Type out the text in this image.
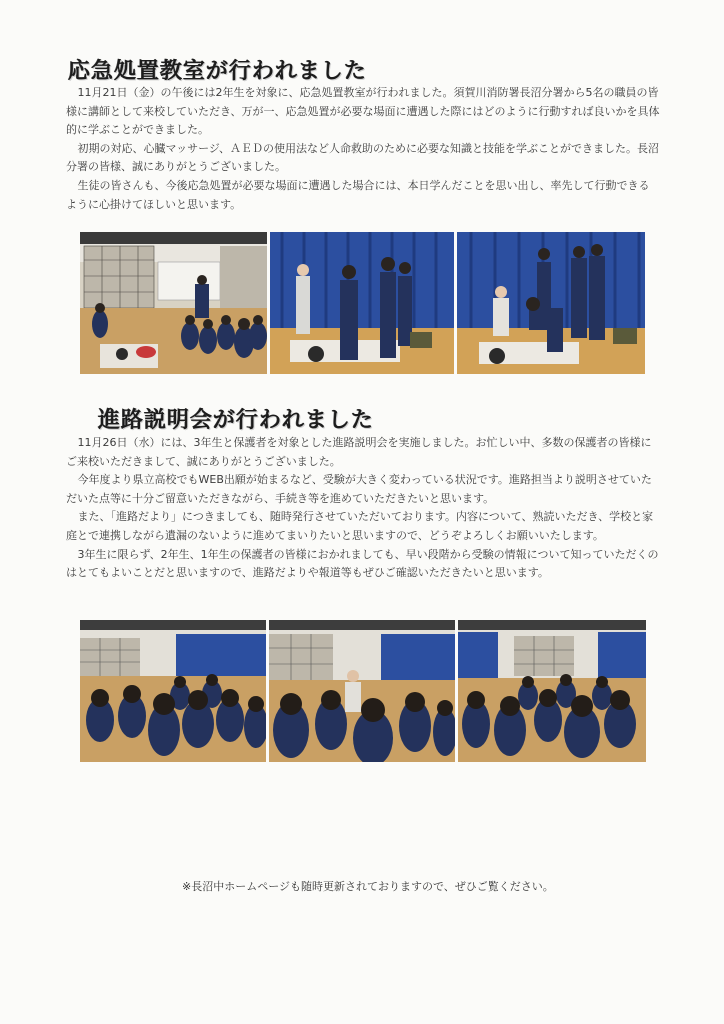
応急処置教室が行われました

11月21日（金）の午後には2年生を対象に、応急処置教室が行われました。須賀川消防署長沼分署から5名の職員の皆様に講師として来校していただき、万が一、応急処置が必要な場面に遭遇した際にはどのように行動すれば良いかを具体的に学ぶことができました。

初期の対応、心臓マッサージ、ＡＥＤの使用法など人命救助のために必要な知識と技能を学ぶことができました。長沼分署の皆様、誠にありがとうございました。

生徒の皆さんも、今後応急処置が必要な場面に遭遇した場合には、本日学んだことを思い出し、率先して行動できるように心掛けてほしいと思います。

進路説明会が行われました

11月26日（水）には、3年生と保護者を対象とした進路説明会を実施しました。お忙しい中、多数の保護者の皆様にご来校いただきまして、誠にありがとうございました。

今年度より県立高校でもWEB出願が始まるなど、受験が大きく変わっている状況です。進路担当より説明させていただいた点等に十分ご留意いただきながら、手続き等を進めていただきたいと思います。

また、「進路だより」につきましても、随時発行させていただいております。内容について、熟読いただき、学校と家庭とで連携しながら遺漏のないように進めてまいりたいと思いますので、どうぞよろしくお願いいたします。

3年生に限らず、2年生、1年生の保護者の皆様におかれましても、早い段階から受験の情報について知っていただくのはとてもよいことだと思いますので、進路だよりや報道等もぜひご確認いただきたいと思います。

※長沼中ホームページも随時更新されておりますので、ぜひご覧ください。
